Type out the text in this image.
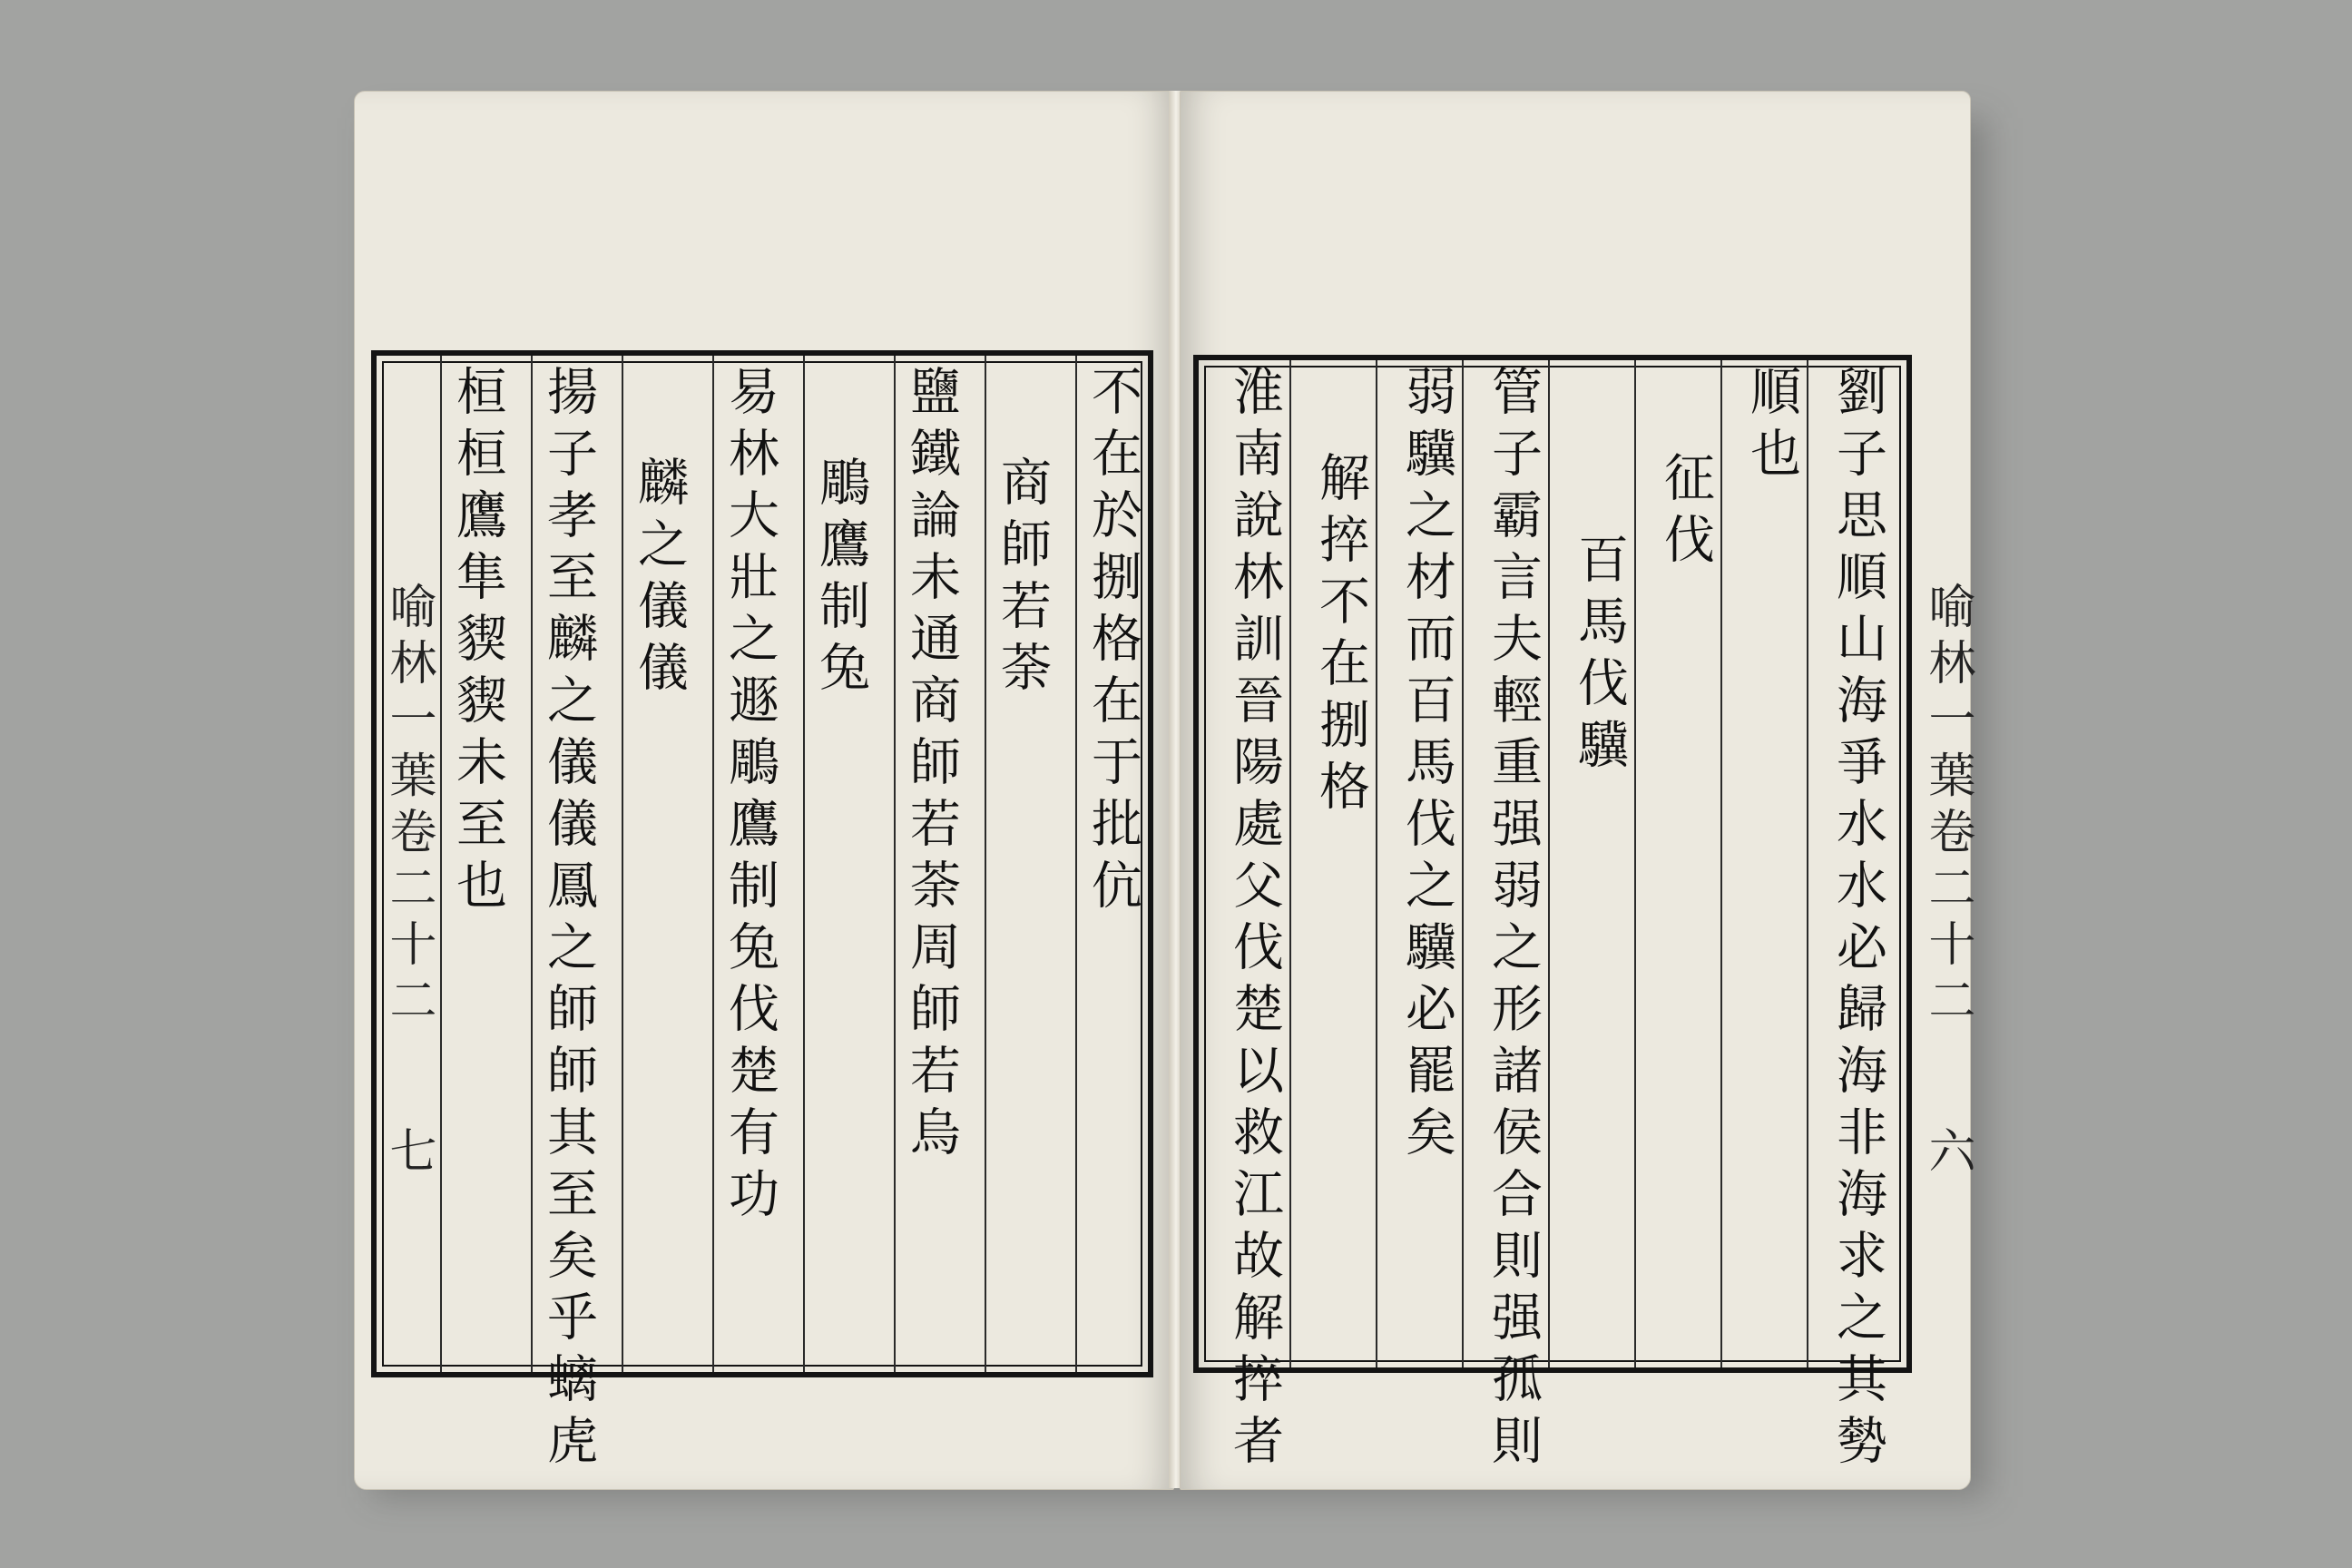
喻林一葉卷二十二
七
不在於捌格在于批伉
商師若荼
鹽鐵論未通商師若荼周師若烏
鵰鷹制兔
易林大壯之遯鵰鷹制兔伐楚有功
麟之儀儀
揚子孝至麟之儀儀鳳之師師其至矣乎螭虎
桓桓鷹隼䝟䝟未至也	劉子思順山海爭水水必歸海非海求之其勢
順也
征伐
百馬伐驥
管子霸言夫輕重强弱之形諸侯合則强孤則
弱驥之材而百馬伐之驥必罷矣
解捽不在捌格
淮南說林訓晉陽處父伐楚以救江故解捽者	喻林一葉卷二十二
六
